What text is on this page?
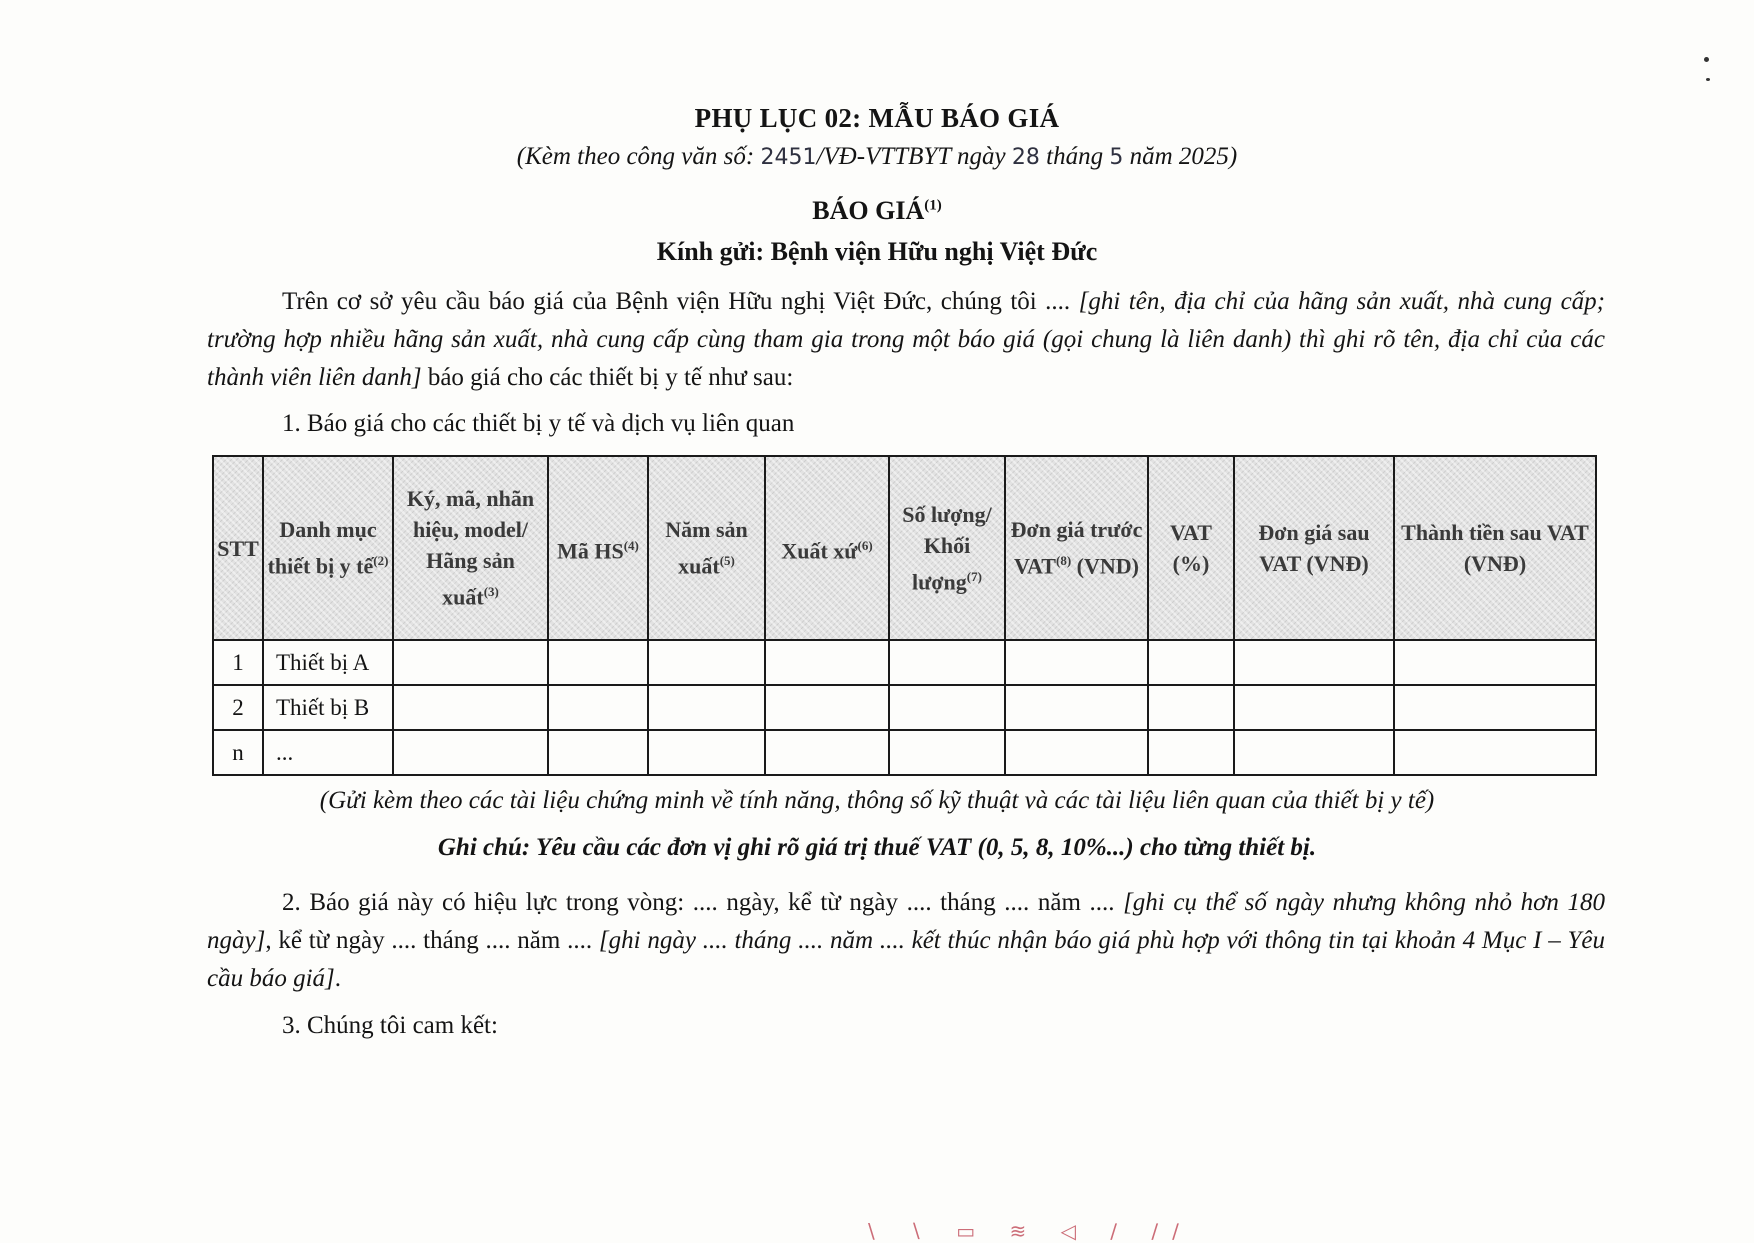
PHỤ LỤC 02: MẪU BÁO GIÁ
(Kèm theo công văn số: 2451/VĐ-VTTBYT ngày 28 tháng 5 năm 2025)
BÁO GIÁ$^{(1)}$
Kính gửi: Bệnh viện Hữu nghị Việt Đức
Trên cơ sở yêu cầu báo giá của Bệnh viện Hữu nghị Việt Đức, chúng tôi .... [ghi tên, địa chỉ của hãng sản xuất, nhà cung cấp; trường hợp nhiều hãng sản xuất, nhà cung cấp cùng tham gia trong một báo giá (gọi chung là liên danh) thì ghi rõ tên, địa chỉ của các thành viên liên danh] báo giá cho các thiết bị y tế như sau:
1. Báo giá cho các thiết bị y tế và dịch vụ liên quan
STT	Danh mục thiết bị y tế$^{(2)}$	Ký, mã, nhãn hiệu, model/ Hãng sản xuất$^{(3)}$	Mã HS$^{(4)}$	Năm sản xuất$^{(5)}$	Xuất xứ$^{(6)}$	Số lượng/ Khối lượng$^{(7)}$	Đơn giá trước VAT$^{(8)}$ (VND)	VAT (%)	Đơn giá sau VAT (VNĐ)	Thành tiền sau VAT (VNĐ)
1	Thiết bị A									
2	Thiết bị B									
n	...									
(Gửi kèm theo các tài liệu chứng minh về tính năng, thông số kỹ thuật và các tài liệu liên quan của thiết bị y tế)
Ghi chú: Yêu cầu các đơn vị ghi rõ giá trị thuế VAT (0, 5, 8, 10%...) cho từng thiết bị.
2. Báo giá này có hiệu lực trong vòng: .... ngày, kể từ ngày .... tháng .... năm .... [ghi cụ thể số ngày nhưng không nhỏ hơn 180 ngày], kể từ ngày .... tháng .... năm .... [ghi ngày .... tháng .... năm .... kết thúc nhận báo giá phù hợp với thông tin tại khoản 4 Mục I – Yêu cầu báo giá].
3. Chúng tôi cam kết:
\ ∖ ▭ ≋ ◁ ∕ ∕∕
